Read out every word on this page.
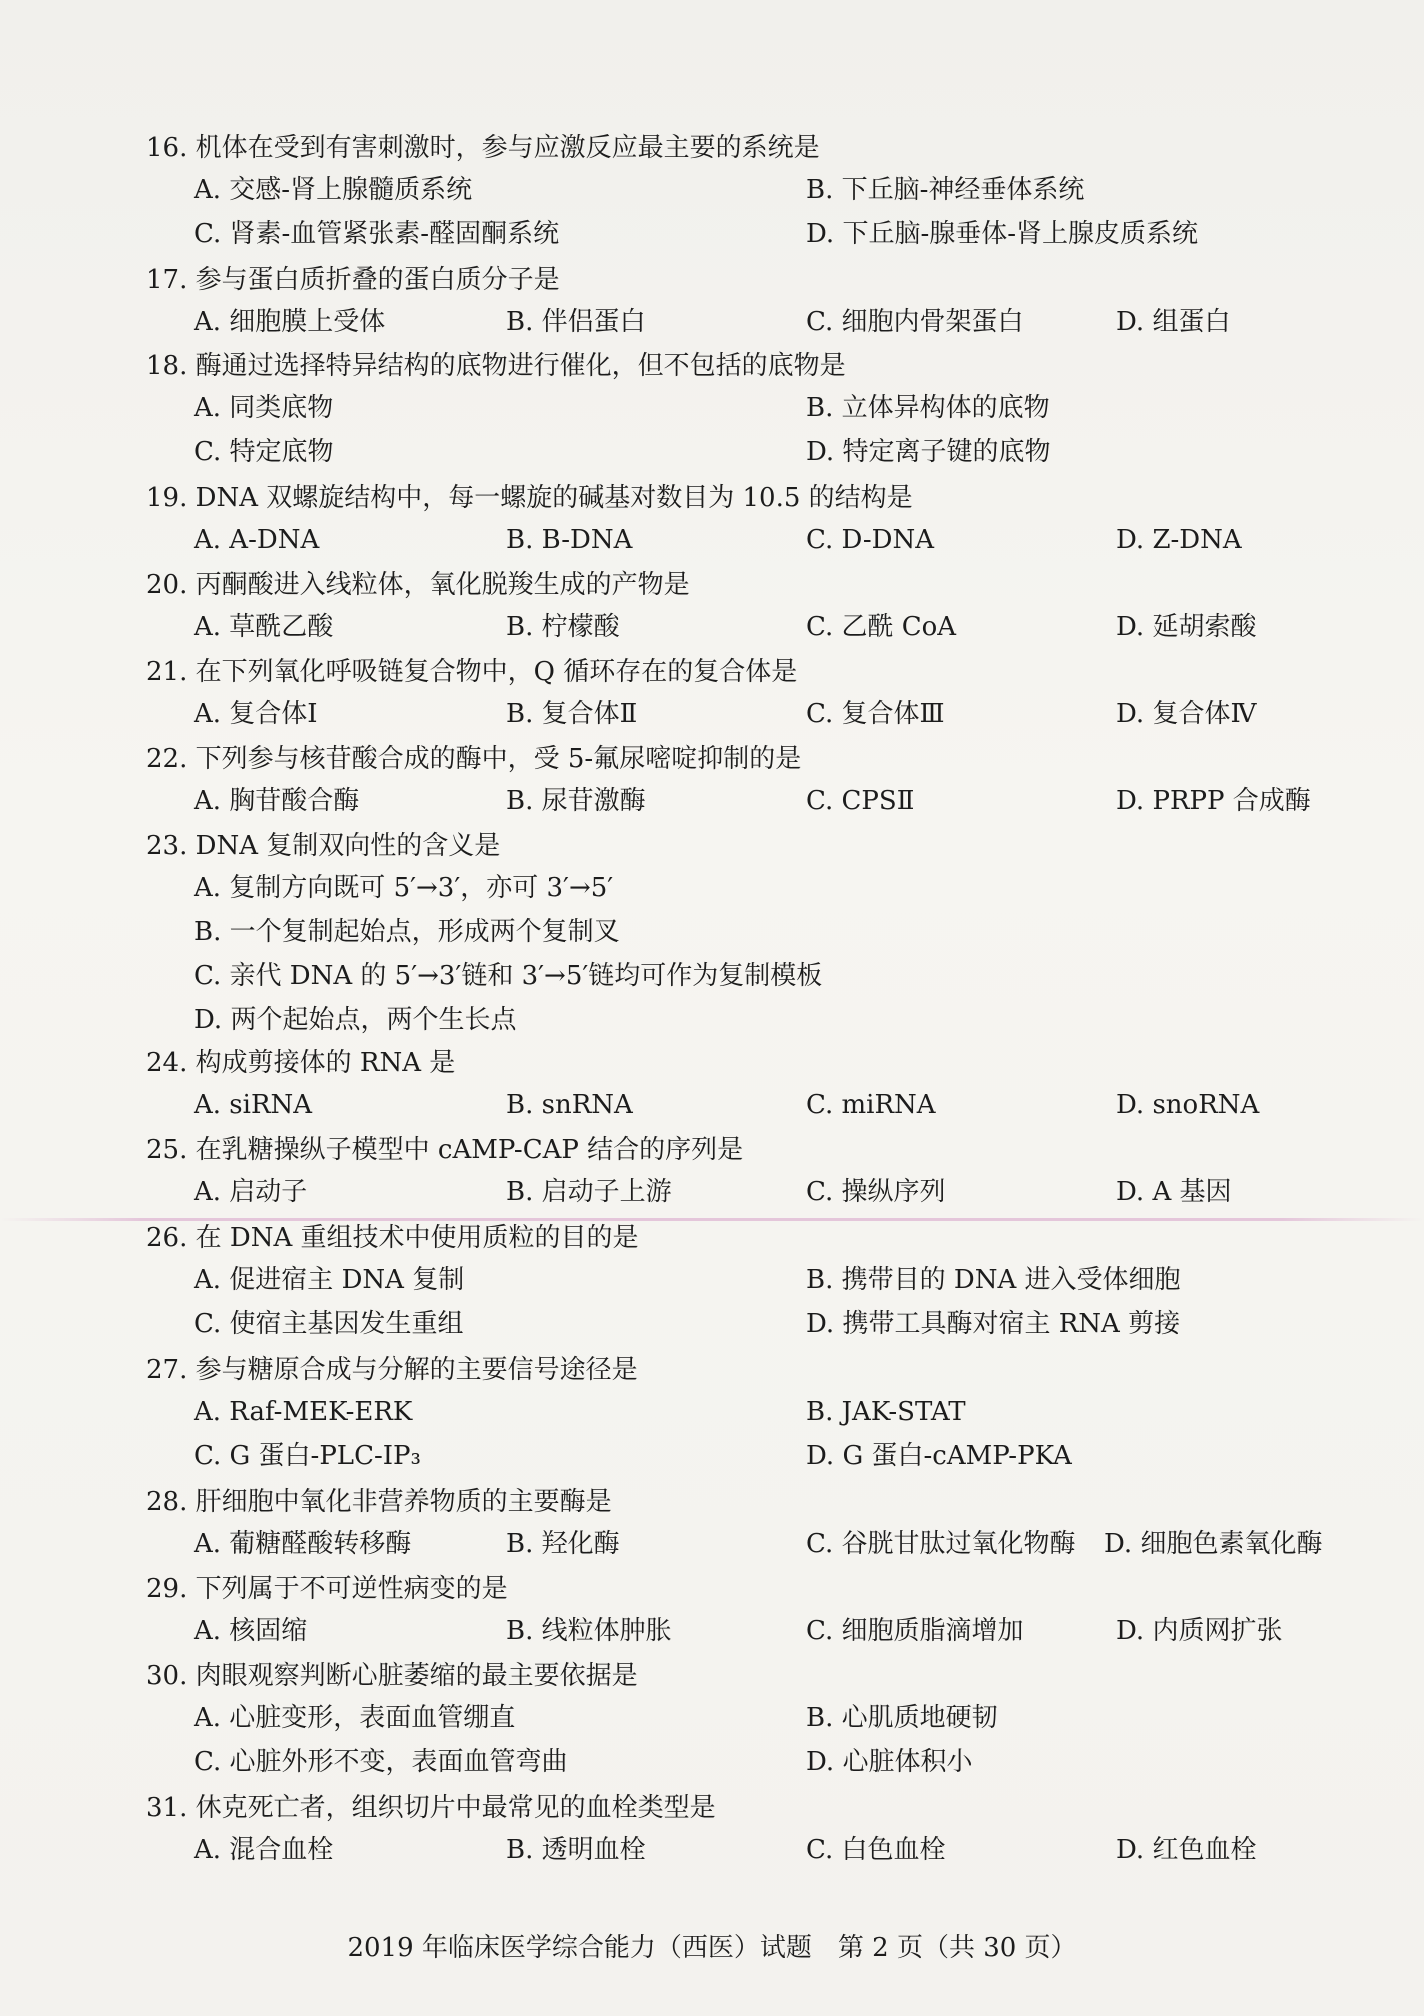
16. 机体在受到有害刺激时，参与应激反应最主要的系统是
A. 交感-肾上腺髓质系统	B. 下丘脑-神经垂体系统
C. 肾素-血管紧张素-醛固酮系统	D. 下丘脑-腺垂体-肾上腺皮质系统
17. 参与蛋白质折叠的蛋白质分子是
A. 细胞膜上受体	B. 伴侣蛋白	C. 细胞内骨架蛋白	D. 组蛋白
18. 酶通过选择特异结构的底物进行催化，但不包括的底物是
A. 同类底物	B. 立体异构体的底物
C. 特定底物	D. 特定离子键的底物
19. DNA 双螺旋结构中，每一螺旋的碱基对数目为 10.5 的结构是
A. A-DNA	B. B-DNA	C. D-DNA	D. Z-DNA
20. 丙酮酸进入线粒体，氧化脱羧生成的产物是
A. 草酰乙酸	B. 柠檬酸	C. 乙酰 CoA	D. 延胡索酸
21. 在下列氧化呼吸链复合物中，Q 循环存在的复合体是
A. 复合体Ⅰ	B. 复合体Ⅱ	C. 复合体Ⅲ	D. 复合体Ⅳ
22. 下列参与核苷酸合成的酶中，受 5-氟尿嘧啶抑制的是
A. 胸苷酸合酶	B. 尿苷激酶	C. CPSⅡ	D. PRPP 合成酶
23. DNA 复制双向性的含义是
A. 复制方向既可 5′→3′，亦可 3′→5′
B. 一个复制起始点，形成两个复制叉
C. 亲代 DNA 的 5′→3′链和 3′→5′链均可作为复制模板
D. 两个起始点，两个生长点
24. 构成剪接体的 RNA 是
A. siRNA	B. snRNA	C. miRNA	D. snoRNA
25. 在乳糖操纵子模型中 cAMP-CAP 结合的序列是
A. 启动子	B. 启动子上游	C. 操纵序列	D. A 基因
26. 在 DNA 重组技术中使用质粒的目的是
A. 促进宿主 DNA 复制	B. 携带目的 DNA 进入受体细胞
C. 使宿主基因发生重组	D. 携带工具酶对宿主 RNA 剪接
27. 参与糖原合成与分解的主要信号途径是
A. Raf-MEK-ERK	B. JAK-STAT
C. G 蛋白-PLC-IP₃	D. G 蛋白-cAMP-PKA
28. 肝细胞中氧化非营养物质的主要酶是
A. 葡糖醛酸转移酶	B. 羟化酶	C. 谷胱甘肽过氧化物酶 D. 细胞色素氧化酶
29. 下列属于不可逆性病变的是
A. 核固缩	B. 线粒体肿胀	C. 细胞质脂滴增加	D. 内质网扩张
30. 肉眼观察判断心脏萎缩的最主要依据是
A. 心脏变形，表面血管绷直	B. 心肌质地硬韧
C. 心脏外形不变，表面血管弯曲	D. 心脏体积小
31. 休克死亡者，组织切片中最常见的血栓类型是
A. 混合血栓	B. 透明血栓	C. 白色血栓	D. 红色血栓
2019 年临床医学综合能力（西医）试题　第 2 页（共 30 页）
